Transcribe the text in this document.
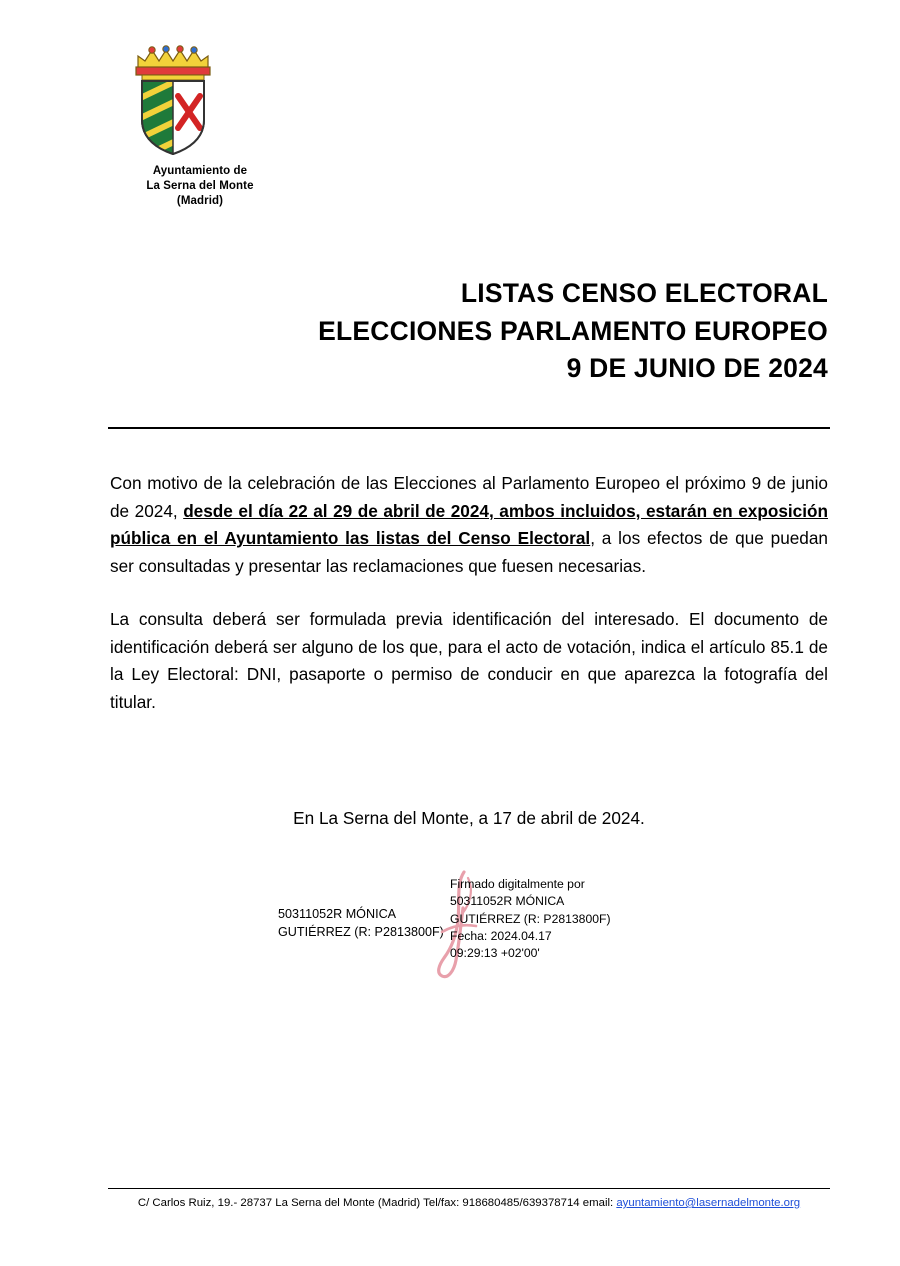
Ayuntamiento de
La Serna del Monte
(Madrid)
LISTAS CENSO ELECTORAL
ELECCIONES PARLAMENTO EUROPEO
9 DE JUNIO DE 2024

Con motivo de la celebración de las Elecciones al Parlamento Europeo el próximo 9 de junio de 2024, desde el día 22 al 29 de abril de 2024, ambos incluidos, estarán en exposición pública en el Ayuntamiento las listas del Censo Electoral, a los efectos de que puedan ser consultadas y presentar las reclamaciones que fuesen necesarias.

La consulta deberá ser formulada previa identificación del interesado. El documento de identificación deberá ser alguno de los que, para el acto de votación, indica el artículo 85.1 de la Ley Electoral: DNI, pasaporte o permiso de conducir en que aparezca la fotografía del titular.

En La Serna del Monte, a 17 de abril de 2024.
50311052R MÓNICA
GUTIÉRREZ (R: P2813800F)
Firmado digitalmente por
50311052R MÓNICA
GUTIÉRREZ (R: P2813800F)
Fecha: 2024.04.17
09:29:13 +02'00'
C/ Carlos Ruiz, 19.- 28737 La Serna del Monte (Madrid) Tel/fax: 918680485/639378714 email: ayuntamiento@lasernadelmonte.org
